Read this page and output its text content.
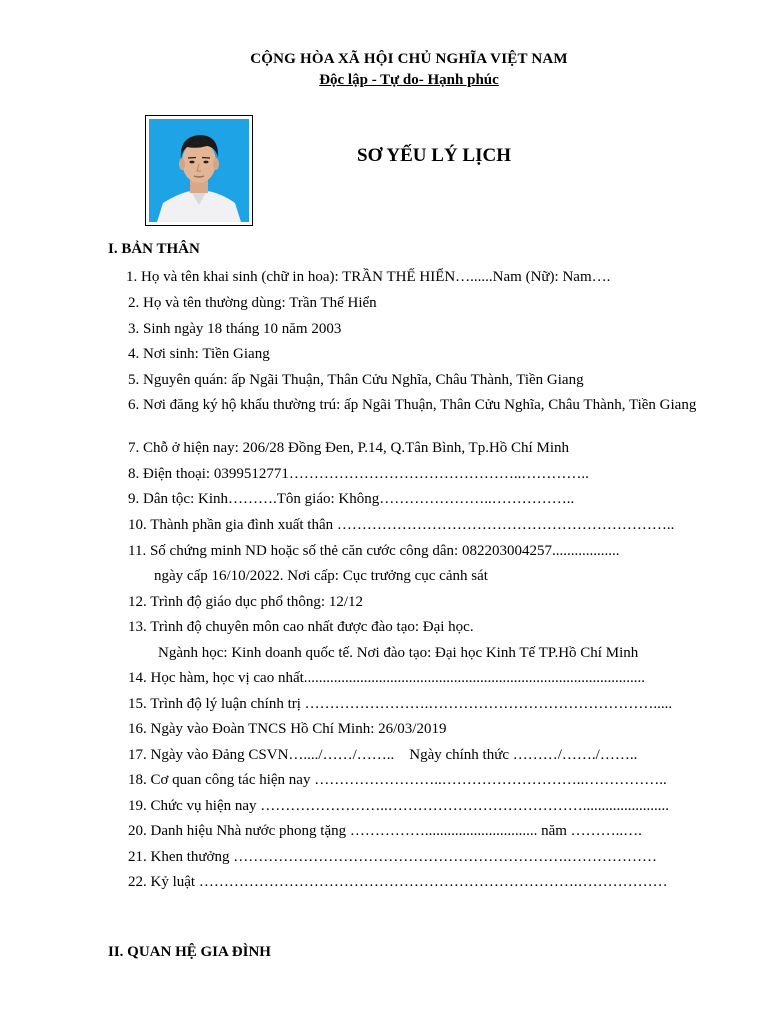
CỘNG HÒA XÃ HỘI CHỦ NGHĨA VIỆT NAM
Độc lập - Tự do- Hạnh phúc
SƠ YẾU LÝ LỊCH
I. BẢN THÂN
1. Họ và tên khai sinh (chữ in hoa): TRẦN THẾ HIỂN…......Nam (Nữ): Nam….
2. Họ và tên thường dùng: Trần Thế Hiển
3. Sinh ngày 18 tháng 10 năm 2003
4. Nơi sinh: Tiền Giang
5. Nguyên quán: ấp Ngãi Thuận, Thân Cửu Nghĩa, Châu Thành, Tiền Giang
6. Nơi đăng ký hộ khẩu thường trú: ấp Ngãi Thuận, Thân Cửu Nghĩa, Châu Thành, Tiền Giang
7. Chỗ ở hiện nay: 206/28 Đồng Đen, P.14, Q.Tân Bình, Tp.Hồ Chí Minh
8. Điện thoại: 0399512771………………………………………..…………..
9. Dân tộc: Kinh……….Tôn giáo: Không…………………..……………..
10. Thành phần gia đình xuất thân …………………………………………………………..
11. Số chứng minh ND hoặc số thẻ căn cước công dân: 082203004257..................
ngày cấp 16/10/2022. Nơi cấp: Cục trưởng cục cảnh sát
12. Trình độ giáo dục phổ thông: 12/12
13. Trình độ chuyên môn cao nhất được đào tạo: Đại học.
Ngành học: Kinh doanh quốc tế. Nơi đào tạo: Đại học Kinh Tế TP.Hồ Chí Minh
14. Học hàm, học vị cao nhất...........................................................................................
15. Trình độ lý luận chính trị …………………….……………………………………….....
16. Ngày vào Đoàn TNCS Hồ Chí Minh: 26/03/2019
17. Ngày vào Đảng CSVN…..../……/……..    Ngày chính thức ………/……./……..
18. Cơ quan công tác hiện nay ……………………..………………………..……………..
19. Chức vụ hiện nay ……………………..………………………………….......................
20. Danh hiệu Nhà nước phong tặng …………….............................. năm ………..….
21. Khen thưởng ………………………………………………………….………………
22. Kỷ luật ………………………………………………………………….………………
II. QUAN HỆ GIA ĐÌNH
